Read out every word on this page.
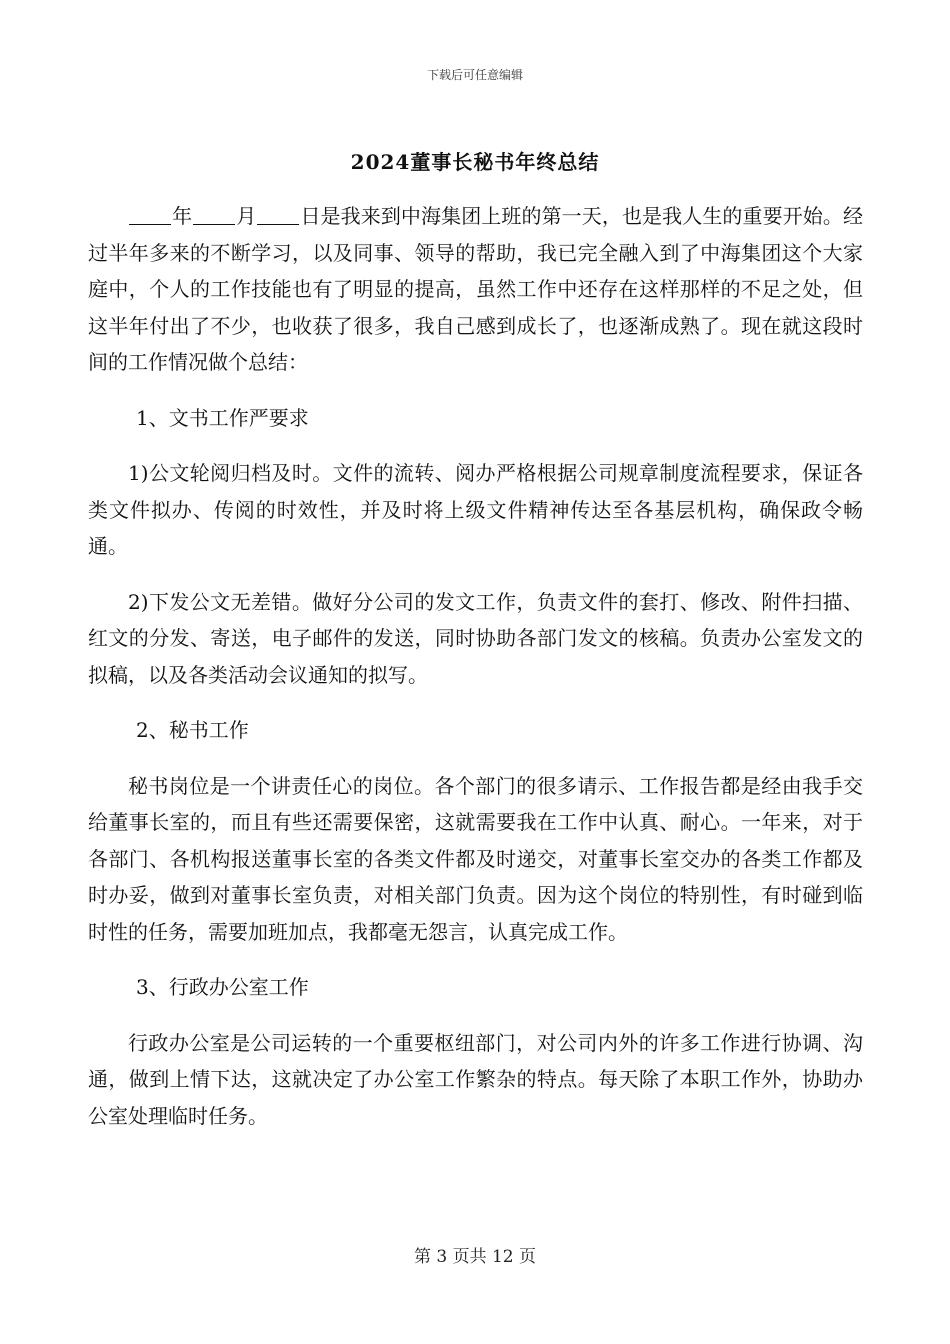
下载后可任意编辑
2024董事长秘书年终总结

年 月 日是我来到中海集团上班的第一天，也是我人生的重要开始。经过半年多来的不断学习，以及同事、领导的帮助，我已完全融入到了中海集团这个大家庭中，个人的工作技能也有了明显的提高，虽然工作中还存在这样那样的不足之处，但这半年付出了不少，也收获了很多，我自己感到成长了，也逐渐成熟了。现在就这段时间的工作情况做个总结：

1、文书工作严要求

1)公文轮阅归档及时。文件的流转、阅办严格根据公司规章制度流程要求，保证各类文件拟办、传阅的时效性，并及时将上级文件精神传达至各基层机构，确保政令畅通。

2)下发公文无差错。做好分公司的发文工作，负责文件的套打、修改、附件扫描、红文的分发、寄送，电子邮件的发送，同时协助各部门发文的核稿。负责办公室发文的拟稿，以及各类活动会议通知的拟写。

2、秘书工作

秘书岗位是一个讲责任心的岗位。各个部门的很多请示、工作报告都是经由我手交给董事长室的，而且有些还需要保密，这就需要我在工作中认真、耐心。一年来，对于各部门、各机构报送董事长室的各类文件都及时递交，对董事长室交办的各类工作都及时办妥，做到对董事长室负责，对相关部门负责。因为这个岗位的特别性，有时碰到临时性的任务，需要加班加点，我都毫无怨言，认真完成工作。

3、行政办公室工作

行政办公室是公司运转的一个重要枢纽部门，对公司内外的许多工作进行协调、沟通，做到上情下达，这就决定了办公室工作繁杂的特点。每天除了本职工作外，协助办公室处理临时任务。

第 3 页共 12 页
